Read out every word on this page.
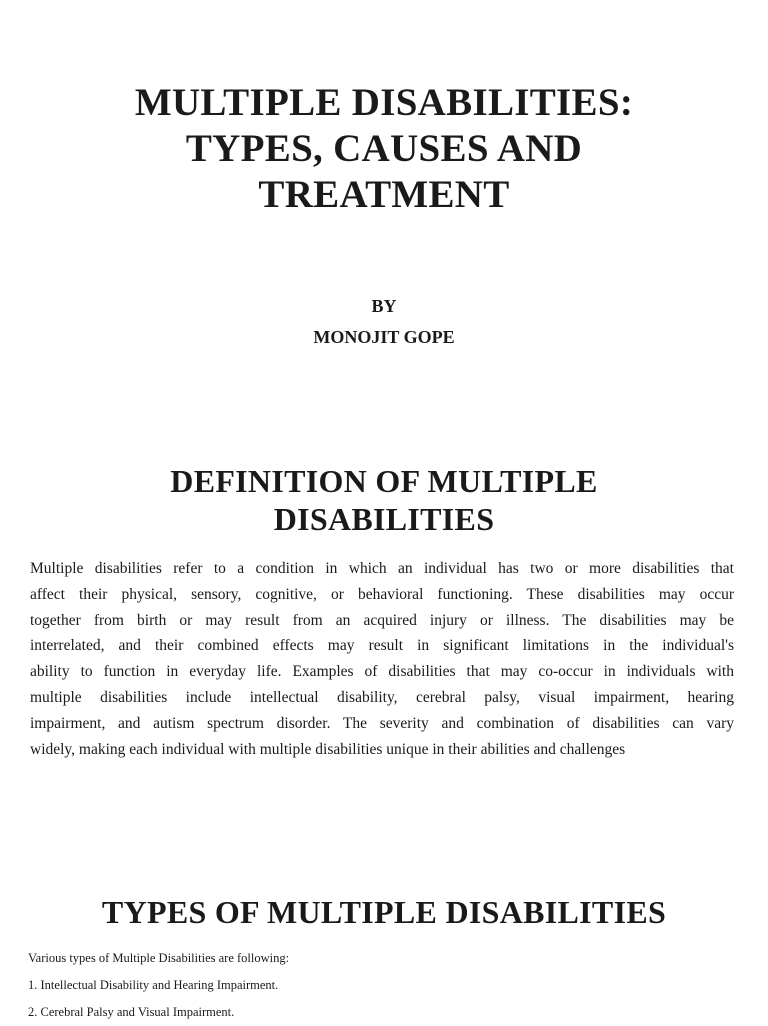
MULTIPLE DISABILITIES:
TYPES, CAUSES AND
TREATMENT
BY
MONOJIT GOPE
DEFINITION OF MULTIPLE
DISABILITIES
Multiple disabilities refer to a condition in which an individual has two or more disabilities that
affect their physical, sensory, cognitive, or behavioral functioning. These disabilities may occur
together from birth or may result from an acquired injury or illness. The disabilities may be
interrelated, and their combined effects may result in significant limitations in the individual's
ability to function in everyday life. Examples of disabilities that may co-occur in individuals with
multiple disabilities include intellectual disability, cerebral palsy, visual impairment, hearing
impairment, and autism spectrum disorder. The severity and combination of disabilities can vary
widely, making each individual with multiple disabilities unique in their abilities and challenges
TYPES OF MULTIPLE DISABILITIES
Various types of Multiple Disabilities are following:
1. Intellectual Disability and Hearing Impairment.
2. Cerebral Palsy and Visual Impairment.
